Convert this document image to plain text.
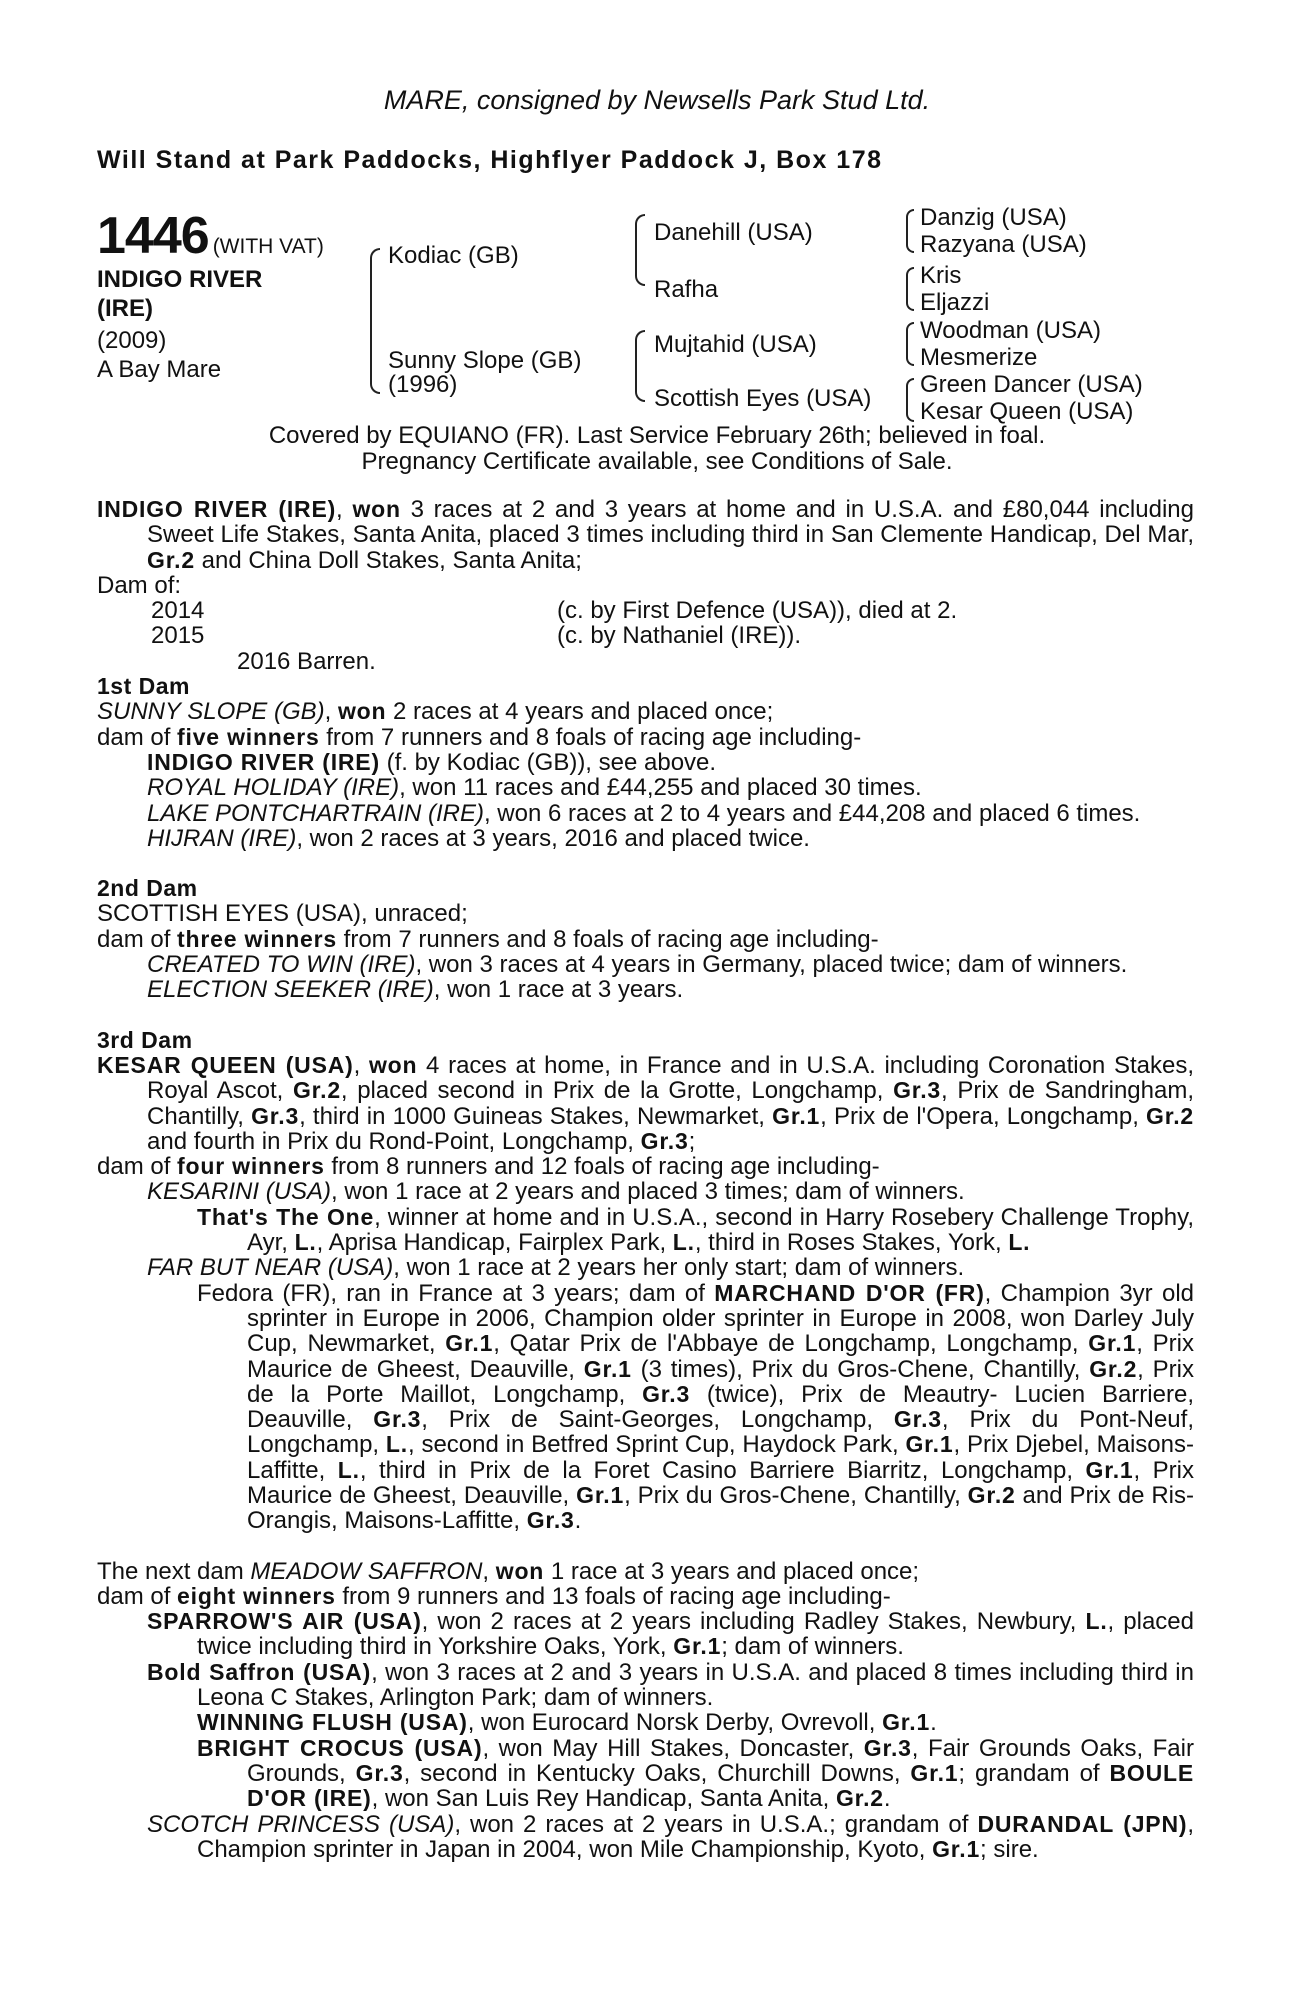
MARE, consigned by Newsells Park Stud Ltd.
Will Stand at Park Paddocks, Highflyer Paddock J, Box 178
1446 (WITH VAT)
INDIGO RIVER
(IRE)
(2009)
A Bay Mare
Kodiac (GB)
Sunny Slope (GB)
(1996)
Danehill (USA)
Rafha
Mujtahid (USA)
Scottish Eyes (USA)
Danzig (USA)
Razyana (USA)
Kris
Eljazzi
Woodman (USA)
Mesmerize
Green Dancer (USA)
Kesar Queen (USA)
Covered by EQUIANO (FR). Last Service February 26th; believed in foal.
Pregnancy Certificate available, see Conditions of Sale.

INDIGO RIVER (IRE), won 3 races at 2 and 3 years at home and in U.S.A. and £80,044 including Sweet Life Stakes, Santa Anita, placed 3 times including third in San Clemente Handicap, Del Mar, Gr.2 and China Doll Stakes, Santa Anita;

Dam of:

2014	(c. by First Defence (USA)), died at 2.
2015	(c. by Nathaniel (IRE)).

2016 Barren.

1st Dam

SUNNY SLOPE (GB), won 2 races at 4 years and placed once;

dam of five winners from 7 runners and 8 foals of racing age including-

INDIGO RIVER (IRE) (f. by Kodiac (GB)), see above.

ROYAL HOLIDAY (IRE), won 11 races and £44,255 and placed 30 times.

LAKE PONTCHARTRAIN (IRE), won 6 races at 2 to 4 years and £44,208 and placed 6 times.

HIJRAN (IRE), won 2 races at 3 years, 2016 and placed twice.

2nd Dam

SCOTTISH EYES (USA), unraced;

dam of three winners from 7 runners and 8 foals of racing age including-

CREATED TO WIN (IRE), won 3 races at 4 years in Germany, placed twice; dam of winners.

ELECTION SEEKER (IRE), won 1 race at 3 years.

3rd Dam

KESAR QUEEN (USA), won 4 races at home, in France and in U.S.A. including Coronation Stakes, Royal Ascot, Gr.2, placed second in Prix de la Grotte, Longchamp, Gr.3, Prix de Sandringham, Chantilly, Gr.3, third in 1000 Guineas Stakes, Newmarket, Gr.1, Prix de l'Opera, Longchamp, Gr.2 and fourth in Prix du Rond-Point, Longchamp, Gr.3;

dam of four winners from 8 runners and 12 foals of racing age including-

KESARINI (USA), won 1 race at 2 years and placed 3 times; dam of winners.

That's The One, winner at home and in U.S.A., second in Harry Rosebery Challenge Trophy, Ayr, L., Aprisa Handicap, Fairplex Park, L., third in Roses Stakes, York, L.

FAR BUT NEAR (USA), won 1 race at 2 years her only start; dam of winners.

Fedora (FR), ran in France at 3 years; dam of MARCHAND D'OR (FR), Champion 3yr old sprinter in Europe in 2006, Champion older sprinter in Europe in 2008, won Darley July Cup, Newmarket, Gr.1, Qatar Prix de l'Abbaye de Longchamp, Longchamp, Gr.1, Prix Maurice de Gheest, Deauville, Gr.1 (3 times), Prix du Gros-Chene, Chantilly, Gr.2, Prix de la Porte Maillot, Longchamp, Gr.3 (twice), Prix de Meautry- Lucien Barriere, Deauville, Gr.3, Prix de Saint-Georges, Longchamp, Gr.3, Prix du Pont-Neuf, Longchamp, L., second in Betfred Sprint Cup, Haydock Park, Gr.1, Prix Djebel, Maisons-Laffitte, L., third in Prix de la Foret Casino Barriere Biarritz, Longchamp, Gr.1, Prix Maurice de Gheest, Deauville, Gr.1, Prix du Gros-Chene, Chantilly, Gr.2 and Prix de Ris-Orangis, Maisons-Laffitte, Gr.3.

The next dam MEADOW SAFFRON, won 1 race at 3 years and placed once;

dam of eight winners from 9 runners and 13 foals of racing age including-

SPARROW'S AIR (USA), won 2 races at 2 years including Radley Stakes, Newbury, L., placed twice including third in Yorkshire Oaks, York, Gr.1; dam of winners.

Bold Saffron (USA), won 3 races at 2 and 3 years in U.S.A. and placed 8 times including third in Leona C Stakes, Arlington Park; dam of winners.

WINNING FLUSH (USA), won Eurocard Norsk Derby, Ovrevoll, Gr.1.

BRIGHT CROCUS (USA), won May Hill Stakes, Doncaster, Gr.3, Fair Grounds Oaks, Fair Grounds, Gr.3, second in Kentucky Oaks, Churchill Downs, Gr.1; grandam of BOULE D'OR (IRE), won San Luis Rey Handicap, Santa Anita, Gr.2.

SCOTCH PRINCESS (USA), won 2 races at 2 years in U.S.A.; grandam of DURANDAL (JPN), Champion sprinter in Japan in 2004, won Mile Championship, Kyoto, Gr.1; sire.
